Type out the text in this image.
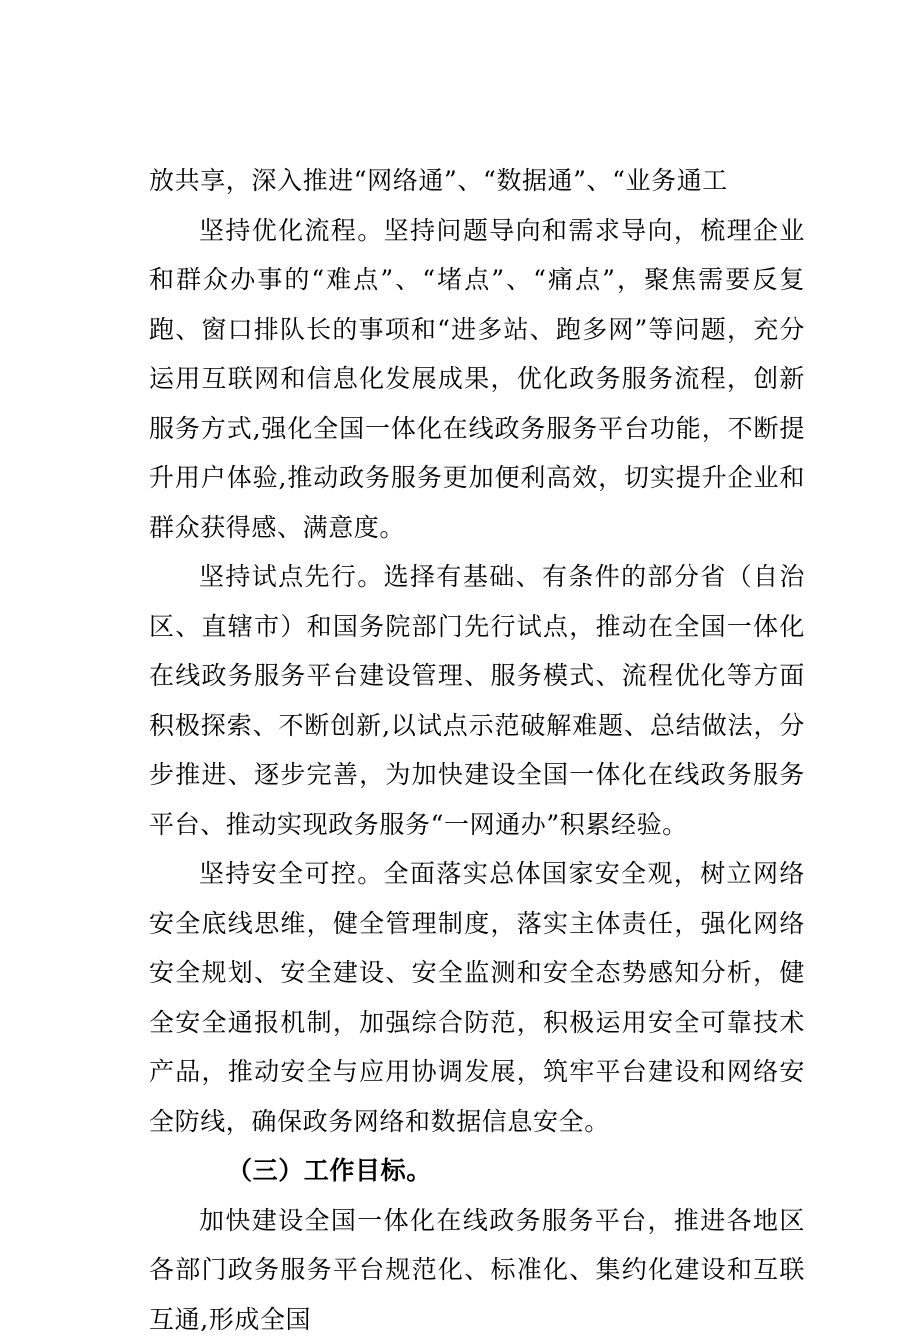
放共享，深入推进“网络通”、“数据通”、“业务通工

坚持优化流程。坚持问题导向和需求导向，梳理企业和群众办事的“难点”、“堵点”、“痛点”，聚焦需要反复跑、窗口排队长的事项和“进多站、跑多网”等问题，充分运用互联网和信息化发展成果，优化政务服务流程，创新服务方式,强化全国一体化在线政务服务平台功能，不断提升用户体验,推动政务服务更加便利高效，切实提升企业和群众获得感、满意度。

坚持试点先行。选择有基础、有条件的部分省（自治区、直辖市）和国务院部门先行试点，推动在全国一体化在线政务服务平台建设管理、服务模式、流程优化等方面积极探索、不断创新,以试点示范破解难题、总结做法，分步推进、逐步完善，为加快建设全国一体化在线政务服务平台、推动实现政务服务“一网通办”积累经验。

坚持安全可控。全面落实总体国家安全观，树立网络安全底线思维，健全管理制度，落实主体责任，强化网络安全规划、安全建设、安全监测和安全态势感知分析，健全安全通报机制，加强综合防范，积极运用安全可靠技术产品，推动安全与应用协调发展，筑牢平台建设和网络安全防线，确保政务网络和数据信息安全。

（三）工作目标。

加快建设全国一体化在线政务服务平台，推进各地区各部门政务服务平台规范化、标准化、集约化建设和互联互通,形成全国
